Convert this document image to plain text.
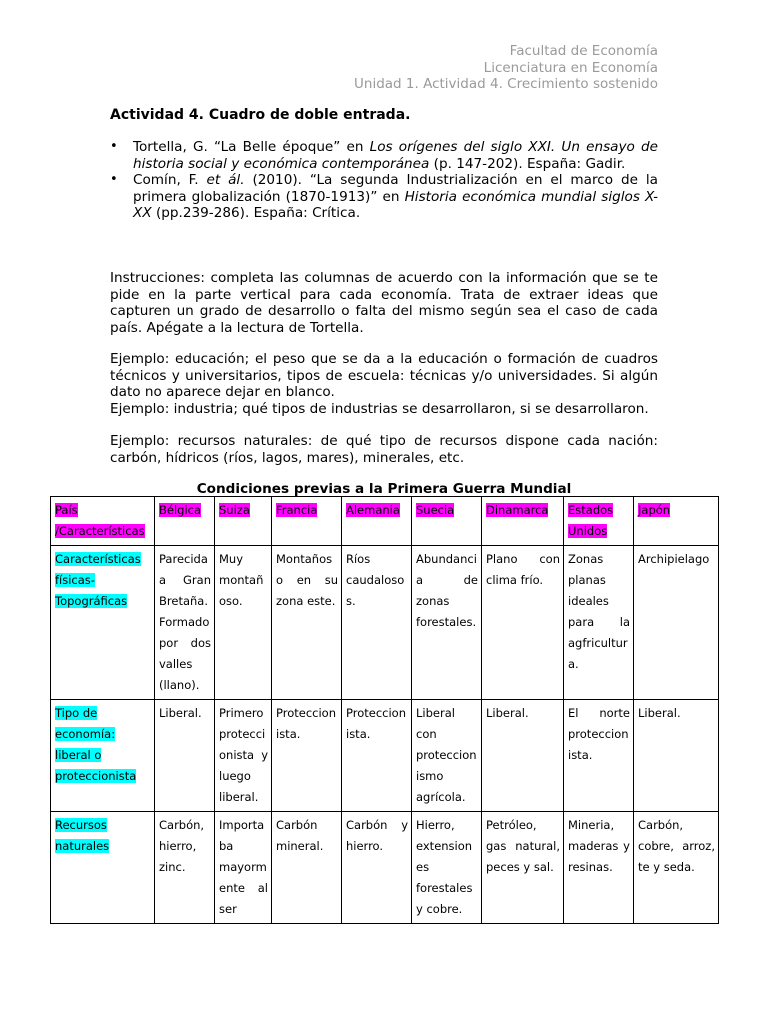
Facultad de Economía
Licenciatura en Economía
Unidad 1. Actividad 4. Crecimiento sostenido
Actividad 4. Cuadro de doble entrada.
• Tortella, G. “La Belle époque” en Los orígenes del siglo XXI. Un ensayo de historia social y económica contemporánea (p. 147-202). España: Gadir.
• Comín, F. et ál. (2010). “La segunda Industrialización en el marco de la primera globalización (1870-1913)” en Historia económica mundial siglos X-XX (pp.239-286). España: Crítica.

Instrucciones: completa las columnas de acuerdo con la información que se te pide en la parte vertical para cada economía. Trata de extraer ideas que capturen un grado de desarrollo o falta del mismo según sea el caso de cada país. Apégate a la lectura de Tortella.

Ejemplo: educación; el peso que se da a la educación o formación de cuadros técnicos y universitarios, tipos de escuela: técnicas y/o universidades. Si algún dato no aparece dejar en blanco.

Ejemplo: industria; qué tipos de industrias se desarrollaron, si se desarrollaron.

Ejemplo: recursos naturales: de qué tipo de recursos dispone cada nación: carbón, hídricos (ríos, lagos, mares), minerales, etc.

Condiciones previas a la Primera Guerra Mundial
País /Características	Bélgica	Suiza	Francia	Alemania	Suecia	Dinamarca	Estados Unidos	Japón
Características físicas-Topográficas	Parecida a Gran Bretaña. Formado por dos valles (llano).	Muy montañoso.	Montaños o en su zona este.	Ríos caudalosos.	Abundancia de zonas forestales.	Plano con clima frío.	Zonas planas ideales para la agfricultura.	Archipielago
Tipo de economía: liberal o proteccionista	Liberal.	Primero proteccionista y luego liberal.	Proteccionista.	Proteccionista.	Liberal con proteccionismo agrícola.	Liberal.	El norte proteccionista.	Liberal.
Recursos naturales	Carbón, hierro, zinc.	Importaba mayormente al ser	Carbón mineral.	Carbón y hierro.	Hierro, extensiones forestales y cobre.	Petróleo, gas natural, peces y sal.	Mineria, maderas y resinas.	Carbón, cobre, arroz, te y seda.
